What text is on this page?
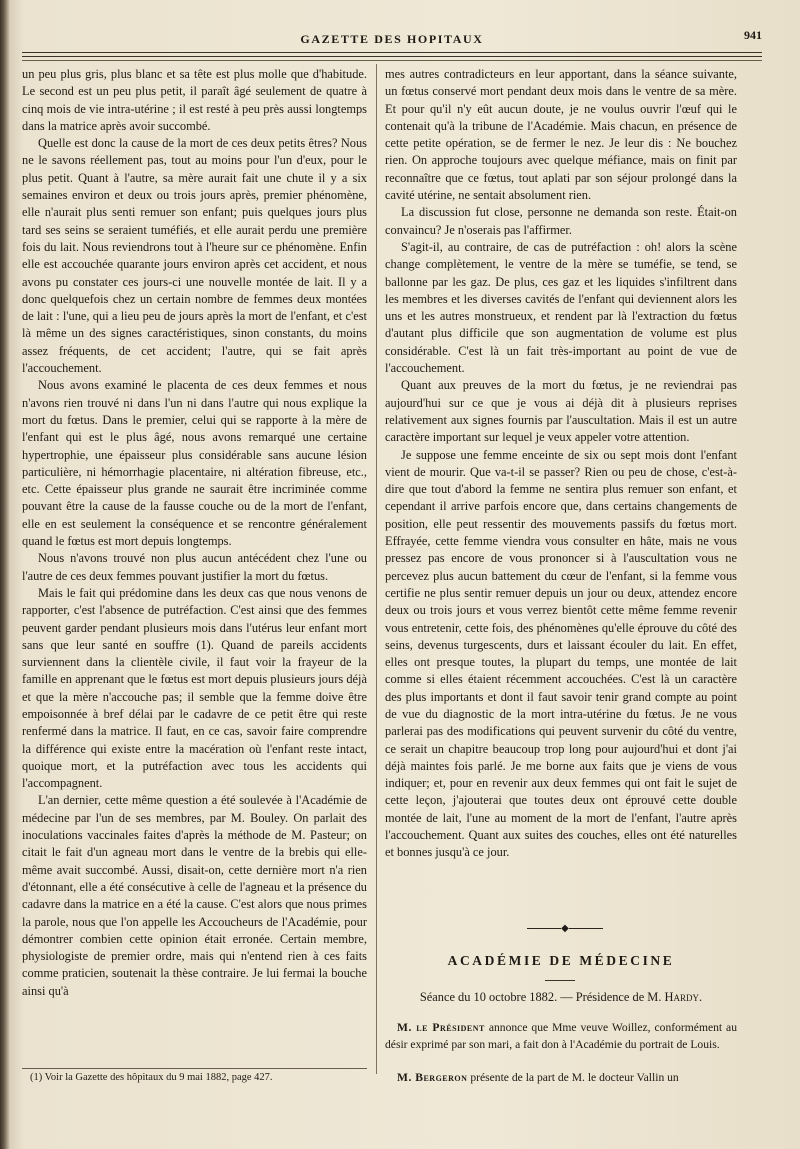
GAZETTE DES HOPITAUX	941

un peu plus gris, plus blanc et sa tête est plus molle que d'habitude. Le second est un peu plus petit, il paraît âgé seulement de quatre à cinq mois de vie intra-utérine ; il est resté à peu près aussi longtemps dans la matrice après avoir succombé.

Quelle est donc la cause de la mort de ces deux petits êtres? Nous ne le savons réellement pas, tout au moins pour l'un d'eux, pour le plus petit. Quant à l'autre, sa mère aurait fait une chute il y a six semaines environ et deux ou trois jours après, premier phénomène, elle n'aurait plus senti remuer son enfant; puis quelques jours plus tard ses seins se seraient tuméfiés, et elle aurait perdu une première fois du lait. Nous reviendrons tout à l'heure sur ce phénomène. Enfin elle est accouchée quarante jours environ après cet accident, et nous avons pu constater ces jours-ci une nouvelle montée de lait. Il y a donc quelquefois chez un certain nombre de femmes deux montées de lait : l'une, qui a lieu peu de jours après la mort de l'enfant, et c'est là même un des signes caractéristiques, sinon constants, du moins assez fréquents, de cet accident; l'autre, qui se fait après l'accouchement.

Nous avons examiné le placenta de ces deux femmes et nous n'avons rien trouvé ni dans l'un ni dans l'autre qui nous explique la mort du fœtus. Dans le premier, celui qui se rapporte à la mère de l'enfant qui est le plus âgé, nous avons remarqué une certaine hypertrophie, une épaisseur plus considérable sans aucune lésion particulière, ni hémorrhagie placentaire, ni altération fibreuse, etc., etc. Cette épaisseur plus grande ne saurait être incriminée comme pouvant être la cause de la fausse couche ou de la mort de l'enfant, elle en est seulement la conséquence et se rencontre généralement quand le fœtus est mort depuis longtemps.

Nous n'avons trouvé non plus aucun antécédent chez l'une ou l'autre de ces deux femmes pouvant justifier la mort du fœtus.

Mais le fait qui prédomine dans les deux cas que nous venons de rapporter, c'est l'absence de putréfaction. C'est ainsi que des femmes peuvent garder pendant plusieurs mois dans l'utérus leur enfant mort sans que leur santé en souffre (1). Quand de pareils accidents surviennent dans la clientèle civile, il faut voir la frayeur de la famille en apprenant que le fœtus est mort depuis plusieurs jours déjà et que la mère n'accouche pas; il semble que la femme doive être empoisonnée à bref délai par le cadavre de ce petit être qui reste renfermé dans la matrice. Il faut, en ce cas, savoir faire comprendre la différence qui existe entre la macération où l'enfant reste intact, quoique mort, et la putréfaction avec tous les accidents qui l'accompagnent.

L'an dernier, cette même question a été soulevée à l'Académie de médecine par l'un de ses membres, par M. Bouley. On parlait des inoculations vaccinales faites d'après la méthode de M. Pasteur; on citait le fait d'un agneau mort dans le ventre de la brebis qui elle-même avait succombé. Aussi, disait-on, cette dernière mort n'a rien d'étonnant, elle a été consécutive à celle de l'agneau et la présence du cadavre dans la matrice en a été la cause. C'est alors que nous primes la parole, nous que l'on appelle les Accoucheurs de l'Académie, pour démontrer combien cette opinion était erronée. Certain membre, physiologiste de premier ordre, mais qui n'entend rien à ces faits comme praticien, soutenait la thèse contraire. Je lui fermai la bouche ainsi qu'à

mes autres contradicteurs en leur apportant, dans la séance suivante, un fœtus conservé mort pendant deux mois dans le ventre de sa mère. Et pour qu'il n'y eût aucun doute, je ne voulus ouvrir l'œuf qui le contenait qu'à la tribune de l'Académie. Mais chacun, en présence de cette petite opération, se de fermer le nez. Je leur dis : Ne bouchez rien. On approche toujours avec quelque méfiance, mais on finit par reconnaître que ce fœtus, tout aplati par son séjour prolongé dans la cavité utérine, ne sentait absolument rien.

La discussion fut close, personne ne demanda son reste. Était-on convaincu? Je n'oserais pas l'affirmer.

S'agit-il, au contraire, de cas de putréfaction : oh! alors la scène change complètement, le ventre de la mère se tuméfie, se tend, se ballonne par les gaz. De plus, ces gaz et les liquides s'infiltrent dans les membres et les diverses cavités de l'enfant qui deviennent alors les uns et les autres monstrueux, et rendent par là l'extraction du fœtus d'autant plus difficile que son augmentation de volume est plus considérable. C'est là un fait très-important au point de vue de l'accouchement.

Quant aux preuves de la mort du fœtus, je ne reviendrai pas aujourd'hui sur ce que je vous ai déjà dit à plusieurs reprises relativement aux signes fournis par l'auscultation. Mais il est un autre caractère important sur lequel je veux appeler votre attention.

Je suppose une femme enceinte de six ou sept mois dont l'enfant vient de mourir. Que va-t-il se passer? Rien ou peu de chose, c'est-à-dire que tout d'abord la femme ne sentira plus remuer son enfant, et cependant il arrive parfois encore que, dans certains changements de position, elle peut ressentir des mouvements passifs du fœtus mort. Effrayée, cette femme viendra vous consulter en hâte, mais ne vous pressez pas encore de vous prononcer si à l'auscultation vous ne percevez plus aucun battement du cœur de l'enfant, si la femme vous certifie ne plus sentir remuer depuis un jour ou deux, attendez encore deux ou trois jours et vous verrez bientôt cette même femme revenir vous entretenir, cette fois, des phénomènes qu'elle éprouve du côté des seins, devenus turgescents, durs et laissant écouler du lait. En effet, elles ont presque toutes, la plupart du temps, une montée de lait comme si elles étaient récemment accouchées. C'est là un caractère des plus importants et dont il faut savoir tenir grand compte au point de vue du diagnostic de la mort intra-utérine du fœtus. Je ne vous parlerai pas des modifications qui peuvent survenir du côté du ventre, ce serait un chapitre beaucoup trop long pour aujourd'hui et dont j'ai déjà maintes fois parlé. Je me borne aux faits que je viens de vous indiquer; et, pour en revenir aux deux femmes qui ont fait le sujet de cette leçon, j'ajouterai que toutes deux ont éprouvé cette double montée de lait, l'une au moment de la mort de l'enfant, l'autre après l'accouchement. Quant aux suites des couches, elles ont été naturelles et bonnes jusqu'à ce jour.

◆
ACADÉMIE DE MÉDECINE
Séance du 10 octobre 1882. — Présidence de M. Hardy.
M. le Président annonce que Mme veuve Woillez, conformément au désir exprimé par son mari, a fait don à l'Académie du portrait de Louis.
M. Bergeron présente de la part de M. le docteur Vallin un
(1) Voir la Gazette des hôpitaux du 9 mai 1882, page 427.
